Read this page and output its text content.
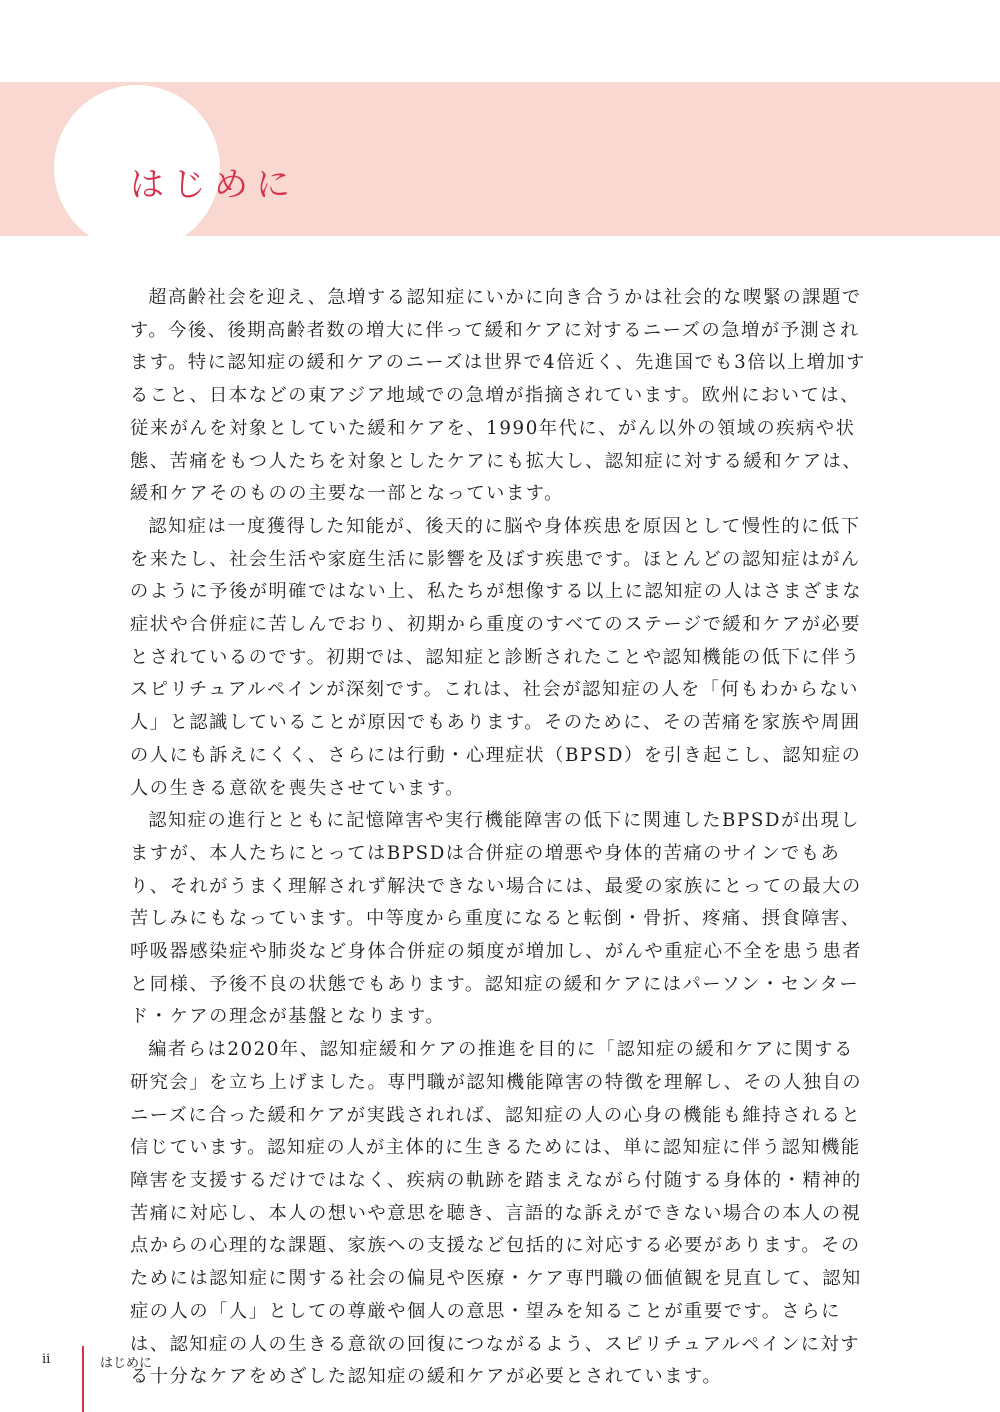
はじめに

超高齢社会を迎え、急増する認知症にいかに向き合うかは社会的な喫緊の課題です。今後、後期高齢者数の増大に伴って緩和ケアに対するニーズの急増が予測されます。特に認知症の緩和ケアのニーズは世界で4倍近く、先進国でも3倍以上増加すること、日本などの東アジア地域での急増が指摘されています。欧州においては、従来がんを対象としていた緩和ケアを、1990年代に、がん以外の領域の疾病や状態、苦痛をもつ人たちを対象としたケアにも拡大し、認知症に対する緩和ケアは、緩和ケアそのものの主要な一部となっています。

認知症は一度獲得した知能が、後天的に脳や身体疾患を原因として慢性的に低下を来たし、社会生活や家庭生活に影響を及ぼす疾患です。ほとんどの認知症はがんのように予後が明確ではない上、私たちが想像する以上に認知症の人はさまざまな症状や合併症に苦しんでおり、初期から重度のすべてのステージで緩和ケアが必要とされているのです。初期では、認知症と診断されたことや認知機能の低下に伴うスピリチュアルペインが深刻です。これは、社会が認知症の人を「何もわからない人」と認識していることが原因でもあります。そのために、その苦痛を家族や周囲の人にも訴えにくく、さらには行動・心理症状（BPSD）を引き起こし、認知症の人の生きる意欲を喪失させています。

認知症の進行とともに記憶障害や実行機能障害の低下に関連したBPSDが出現しますが、本人たちにとってはBPSDは合併症の増悪や身体的苦痛のサインでもあり、それがうまく理解されず解決できない場合には、最愛の家族にとっての最大の苦しみにもなっています。中等度から重度になると転倒・骨折、疼痛、摂食障害、呼吸器感染症や肺炎など身体合併症の頻度が増加し、がんや重症心不全を患う患者と同様、予後不良の状態でもあります。認知症の緩和ケアにはパーソン・センタード・ケアの理念が基盤となります。

編者らは2020年、認知症緩和ケアの推進を目的に「認知症の緩和ケアに関する研究会」を立ち上げました。専門職が認知機能障害の特徴を理解し、その人独自のニーズに合った緩和ケアが実践されれば、認知症の人の心身の機能も維持されると信じています。認知症の人が主体的に生きるためには、単に認知症に伴う認知機能障害を支援するだけではなく、疾病の軌跡を踏まえながら付随する身体的・精神的苦痛に対応し、本人の想いや意思を聴き、言語的な訴えができない場合の本人の視点からの心理的な課題、家族への支援など包括的に対応する必要があります。そのためには認知症に関する社会の偏見や医療・ケア専門職の価値観を見直して、認知症の人の「人」としての尊厳や個人の意思・望みを知ることが重要です。さらには、認知症の人の生きる意欲の回復につながるよう、スピリチュアルペインに対する十分なケアをめざした認知症の緩和ケアが必要とされています。

ii	はじめに
